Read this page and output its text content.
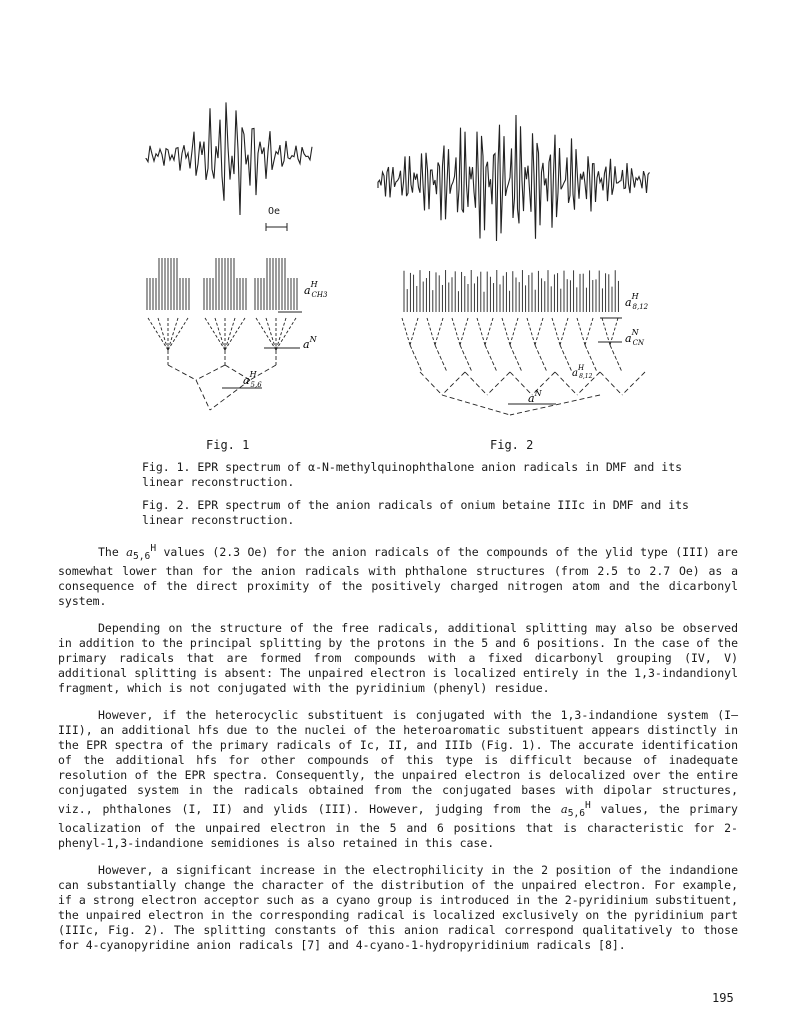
$a^H$ CH3
$a^N$
$a^H$ 5,6
$a^H$ 8,12
$a^N$ CN
$a^H$ 8,12
$a^N$
Oe
Fig. 1	Fig. 2
Fig. 1. EPR spectrum of α-N-methylquinophthalone anion radicals in DMF and its linear reconstruction.
Fig. 2. EPR spectrum of the anion radicals of onium betaine IIIc in DMF and its linear reconstruction.

The $a_{5,6}^H$ values (2.3 Oe) for the anion radicals of the compounds of the ylid type (III) are somewhat lower than for the anion radicals with phthalone structures (from 2.5 to 2.7 Oe) as a consequence of the direct proximity of the positively charged nitrogen atom and the dicarbonyl system.

Depending on the structure of the free radicals, additional splitting may also be observed in addition to the principal splitting by the protons in the 5 and 6 positions. In the case of the primary radicals that are formed from compounds with a fixed dicarbonyl grouping (IV, V) additional splitting is absent: The unpaired electron is localized entirely in the 1,3-indandionyl fragment, which is not conjugated with the pyridinium (phenyl) residue.

However, if the heterocyclic substituent is conjugated with the 1,3-indandione system (I–III), an additional hfs due to the nuclei of the heteroaromatic substituent appears distinctly in the EPR spectra of the primary radicals of Ic, II, and IIIb (Fig. 1). The accurate identification of the additional hfs for other compounds of this type is difficult because of inadequate resolution of the EPR spectra. Consequently, the unpaired electron is delocalized over the entire conjugated system in the radicals obtained from the conjugated bases with dipolar structures, viz., phthalones (I, II) and ylids (III). However, judging from the $a_{5,6}^H$ values, the primary localization of the unpaired electron in the 5 and 6 positions that is characteristic for 2-phenyl-1,3-indandione semidiones is also retained in this case.

However, a significant increase in the electrophilicity in the 2 position of the indandione can substantially change the character of the distribution of the unpaired electron. For example, if a strong electron acceptor such as a cyano group is introduced in the 2-pyridinium substituent, the unpaired electron in the corresponding radical is localized exclusively on the pyridinium part (IIIc, Fig. 2). The splitting constants of this anion radical correspond qualitatively to those for 4-cyanopyridine anion radicals [7] and 4-cyano-1-hydropyridinium radicals [8].

195
